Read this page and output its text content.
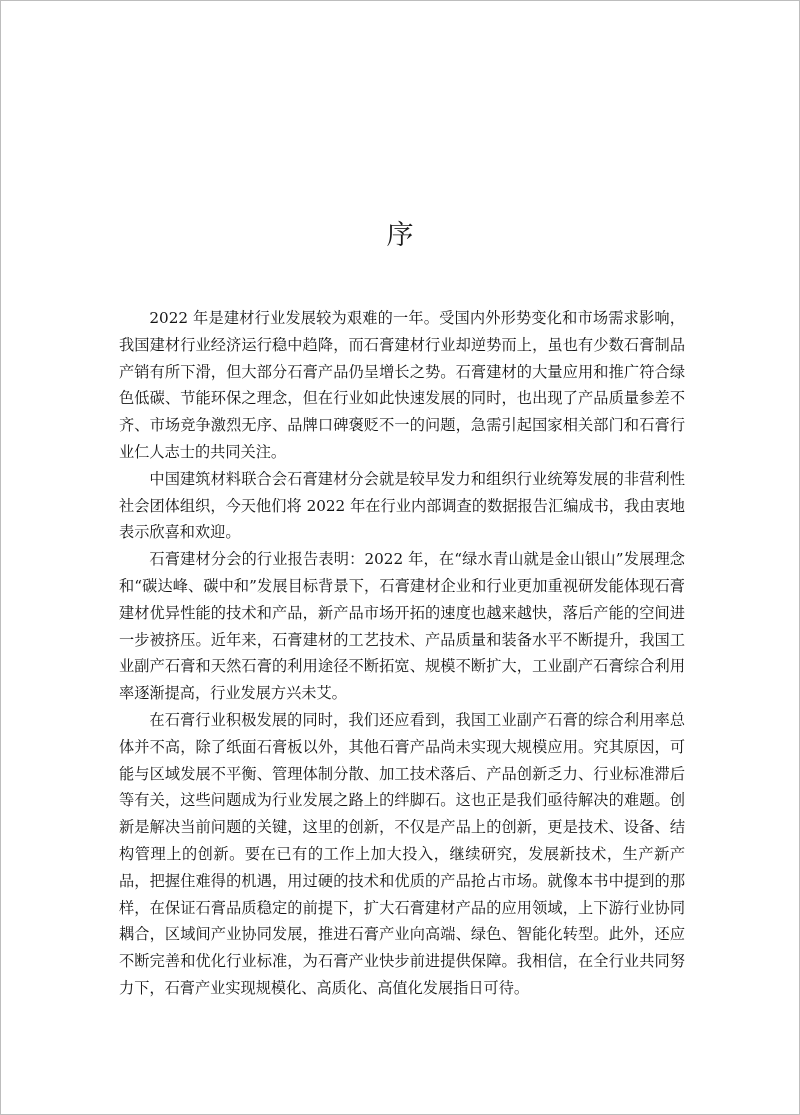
序

2022 年是建材行业发展较为艰难的一年。受国内外形势变化和市场需求影响，我国建材行业经济运行稳中趋降，而石膏建材行业却逆势而上，虽也有少数石膏制品产销有所下滑，但大部分石膏产品仍呈增长之势。石膏建材的大量应用和推广符合绿色低碳、节能环保之理念，但在行业如此快速发展的同时，也出现了产品质量参差不齐、市场竞争激烈无序、品牌口碑褒贬不一的问题，急需引起国家相关部门和石膏行业仁人志士的共同关注。

中国建筑材料联合会石膏建材分会就是较早发力和组织行业统筹发展的非营利性社会团体组织，今天他们将 2022 年在行业内部调查的数据报告汇编成书，我由衷地表示欣喜和欢迎。

石膏建材分会的行业报告表明：2022 年，在“绿水青山就是金山银山”发展理念和“碳达峰、碳中和”发展目标背景下，石膏建材企业和行业更加重视研发能体现石膏建材优异性能的技术和产品，新产品市场开拓的速度也越来越快，落后产能的空间进一步被挤压。近年来，石膏建材的工艺技术、产品质量和装备水平不断提升，我国工业副产石膏和天然石膏的利用途径不断拓宽、规模不断扩大，工业副产石膏综合利用率逐渐提高，行业发展方兴未艾。

在石膏行业积极发展的同时，我们还应看到，我国工业副产石膏的综合利用率总体并不高，除了纸面石膏板以外，其他石膏产品尚未实现大规模应用。究其原因，可能与区域发展不平衡、管理体制分散、加工技术落后、产品创新乏力、行业标准滞后等有关，这些问题成为行业发展之路上的绊脚石。这也正是我们亟待解决的难题。创新是解决当前问题的关键，这里的创新，不仅是产品上的创新，更是技术、设备、结构管理上的创新。要在已有的工作上加大投入，继续研究，发展新技术，生产新产品，把握住难得的机遇，用过硬的技术和优质的产品抢占市场。就像本书中提到的那样，在保证石膏品质稳定的前提下，扩大石膏建材产品的应用领域，上下游行业协同耦合，区域间产业协同发展，推进石膏产业向高端、绿色、智能化转型。此外，还应不断完善和优化行业标准，为石膏产业快步前进提供保障。我相信，在全行业共同努力下，石膏产业实现规模化、高质化、高值化发展指日可待。
